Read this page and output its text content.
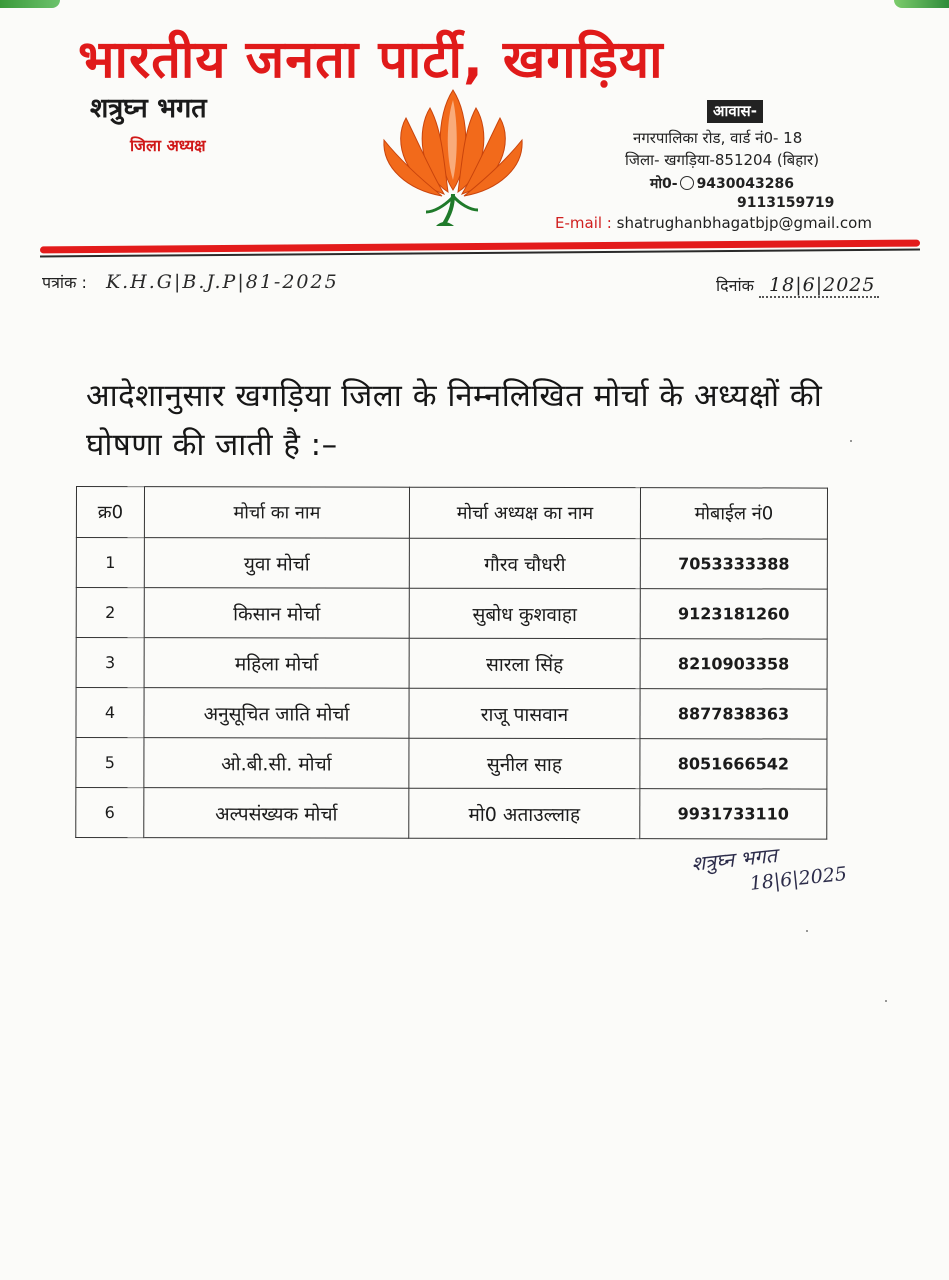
भारतीय जनता पार्टी, खगड़िया
शत्रुघ्न भगत
जिला अध्यक्ष
आवास-
नगरपालिका रोड, वार्ड नं0- 18
जिला- खगड़िया-851204 (बिहार)
मो0- 9430043286
9113159719
E-mail : shatrughanbhagatbjp@gmail.com
पत्रांक : K.H.G|B.J.P|81-2025	दिनांक 18|6|2025
आदेशानुसार खगड़िया जिला के निम्नलिखित मोर्चा के अध्यक्षों की घोषणा की जाती है :–
क्र0	मोर्चा का नाम	मोर्चा अध्यक्ष का नाम	मोबाईल नं0
1	युवा मोर्चा	गौरव चौधरी	7053333388
2	किसान मोर्चा	सुबोध कुशवाहा	9123181260
3	महिला मोर्चा	सारला सिंह	8210903358
4	अनुसूचित जाति मोर्चा	राजू पासवान	8877838363
5	ओ.बी.सी. मोर्चा	सुनील साह	8051666542
6	अल्पसंख्यक मोर्चा	मो0 अताउल्लाह	9931733110
शत्रुघ्न भगत
18|6|2025
